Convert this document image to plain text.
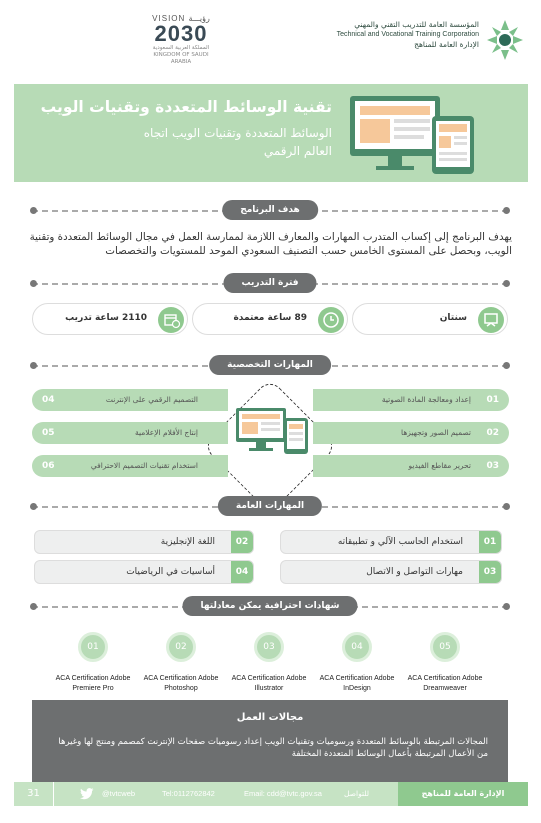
المؤسسة العامة للتدريب التقني والمهني
Technical and Vocational Training Corporation
الإدارة العامة للمناهج
VISION رؤيـــة
2030
المملكة العربية السعودية
KINGDOM OF SAUDI ARABIA
تقنية الوسائط المتعددة وتقنيات الويب
الوسائط المتعددة وتقنيات الويب اتجاه العالم الرقمي
هدف البرنامج
يهدف البرنامج إلى إكساب المتدرب المهارات والمعارف اللازمة لممارسة العمل في مجال الوسائط المتعددة وتقنية الويب، وبحصل على المستوى الخامس حسب التصنيف السعودي الموحد للمستويات والتخصصات
فترة التدريب
سنتان
89 ساعة معتمدة
2110 ساعة تدريب
المهارات التخصصية
01
إعداد ومعالجة المادة الصوتية
02
تصميم الصور وتجهيزها
03
تحرير مقاطع الفيديو
04	التصميم الرقمي على الإنترنت
05	إنتاج الأفلام الإعلامية
06	استخدام تقنيات التصميم الاحترافي
المهارات العامة
01
استخدام الحاسب الآلي و تطبيقاته
02
اللغة الإنجليزية
03
مهارات التواصل و الاتصال
04
أساسيات في الرياضيات
شهادات احترافية يمكن معادلتها
01
ACA Certification Adobe Premiere Pro
02
ACA Certification Adobe Photoshop
03
ACA Certification Adobe Illustrator
04
ACA Certification Adobe InDesign
05
ACA Certification Adobe Dreamweaver
مجالات العمل
المجالات المرتبطة بالوسائط المتعددة ورسوميات وتقنيات الويب إعداد رسوميات صفحات الإنترنت كمصمم ومنتج لها وغيرها من الأعمال المرتبطة بأعمال الوسائط المتعددة المختلفة
31	@tvtcweb	Tel:0112762842	Email: cdd@tvtc.gov.sa	للتواصل	الإدارة العامة للمناهج
